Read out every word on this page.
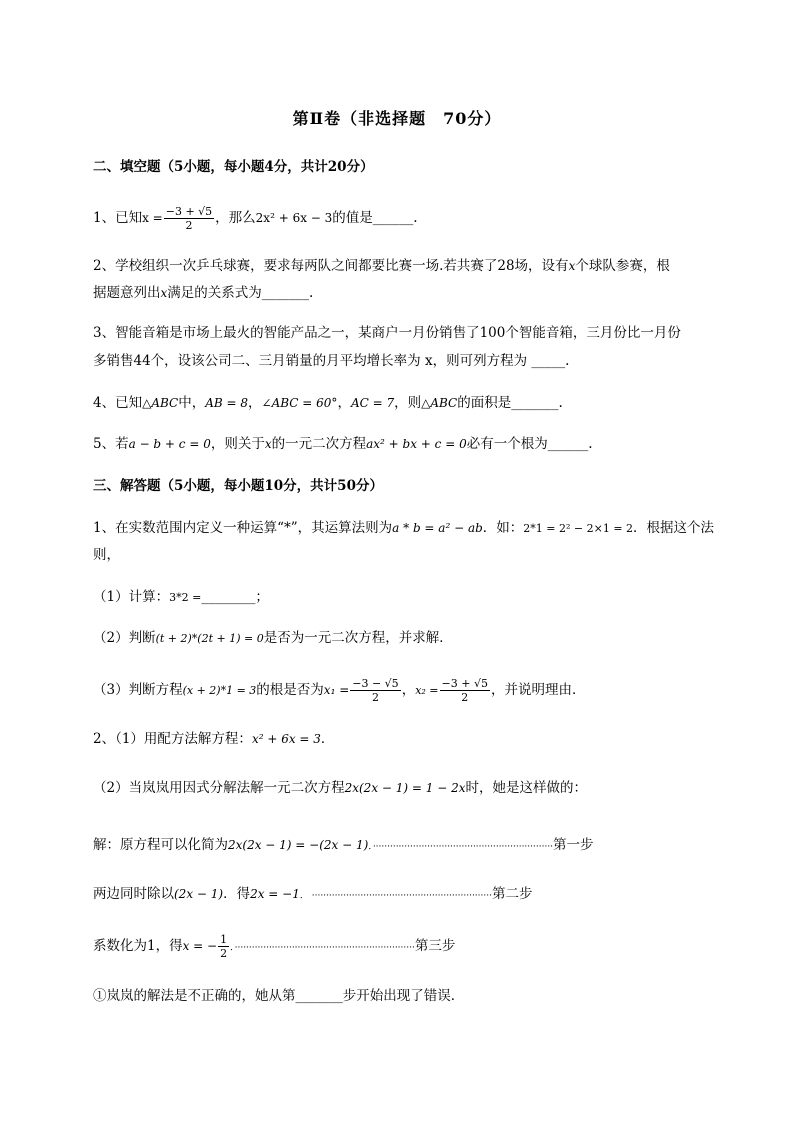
第Ⅱ卷（非选择题　70分）
二、填空题（5小题，每小题4分，共计20分）
1、已知$x = \frac{-3 + √5}{2}$ ，那么2x² + 6x − 3的值是______.
2、学校组织一次乒乓球赛，要求每两队之间都要比赛一场.若共赛了28场，设有x个球队参赛，根
据题意列出x满足的关系式为_______.
3、智能音箱是市场上最火的智能产品之一，某商户一月份销售了100个智能音箱，三月份比一月份
多销售44个，设该公司二、三月销量的月平均增长率为 x，则可列方程为 _____.
4、已知△ABC中，AB = 8，∠ABC = 60°，AC = 7，则△ABC的面积是_______.
5、若a − b + c = 0，则关于x的一元二次方程ax² + bx + c = 0必有一个根为______.
三、解答题（5小题，每小题10分，共计50分）
1、在实数范围内定义一种运算“*”，其运算法则为a * b = a² − ab．如：2*1 = 2² − 2×1 = 2．根据这个法
则，
（1）计算：3*2 =________；
（2）判断(t + 2)*(2t + 1) = 0是否为一元二次方程，并求解．
（3）判断方程(x + 2)*1 = 3的根是否为$x_1 = \frac{-3 - √5}{2}$ ，$x_2 = \frac{-3 + √5}{2}$ ，并说明理由．
2、（1）用配方法解方程：x² + 6x = 3．
（2）当岚岚用因式分解法解一元二次方程2x(2x − 1) = 1 − 2x时，她是这样做的：
解：原方程可以化简为2x(2x − 1) = −(2x − 1)．·······························································第一步
两边同时除以(2x − 1)．得2x = −1． ·······························································第二步
系数化为1，得x = − $\frac{1}{2}$ ．·······························································第三步
①岚岚的解法是不正确的，她从第_______步开始出现了错误．
